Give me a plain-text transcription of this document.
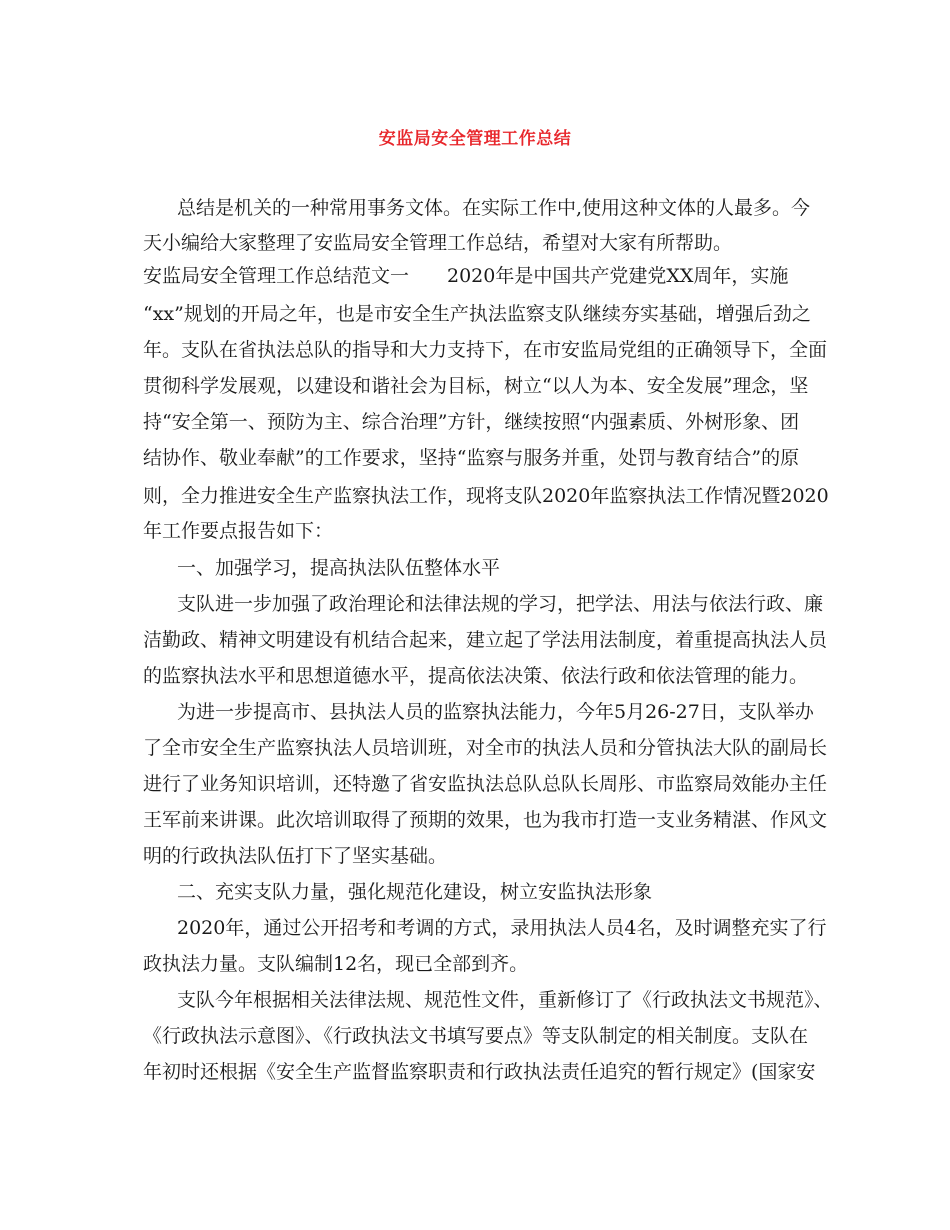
安监局安全管理工作总结
总结是机关的一种常用事务文体。在实际工作中,使用这种文体的人最多。今
天小编给大家整理了安监局安全管理工作总结，希望对大家有所帮助。
安监局安全管理工作总结范文一　　2020年是中国共产党建党XX周年，实施
“xx”规划的开局之年，也是市安全生产执法监察支队继续夯实基础，增强后劲之
年。支队在省执法总队的指导和大力支持下，在市安监局党组的正确领导下，全面
贯彻科学发展观，以建设和谐社会为目标，树立“以人为本、安全发展”理念，坚
持“安全第一、预防为主、综合治理”方针，继续按照“内强素质、外树形象、团
结协作、敬业奉献”的工作要求，坚持“监察与服务并重，处罚与教育结合”的原
则，全力推进安全生产监察执法工作，现将支队2020年监察执法工作情况暨2020
年工作要点报告如下：
一、加强学习，提高执法队伍整体水平
支队进一步加强了政治理论和法律法规的学习，把学法、用法与依法行政、廉
洁勤政、精神文明建设有机结合起来，建立起了学法用法制度，着重提高执法人员
的监察执法水平和思想道德水平，提高依法决策、依法行政和依法管理的能力。
为进一步提高市、县执法人员的监察执法能力，今年5月26-27日，支队举办
了全市安全生产监察执法人员培训班，对全市的执法人员和分管执法大队的副局长
进行了业务知识培训，还特邀了省安监执法总队总队长周彤、市监察局效能办主任
王军前来讲课。此次培训取得了预期的效果，也为我市打造一支业务精湛、作风文
明的行政执法队伍打下了坚实基础。
二、充实支队力量，强化规范化建设，树立安监执法形象
2020年，通过公开招考和考调的方式，录用执法人员4名，及时调整充实了行
政执法力量。支队编制12名，现已全部到齐。
支队今年根据相关法律法规、规范性文件，重新修订了《行政执法文书规范》、
《行政执法示意图》、《行政执法文书填写要点》等支队制定的相关制度。支队在
年初时还根据《安全生产监督监察职责和行政执法责任追究的暂行规定》(国家安
